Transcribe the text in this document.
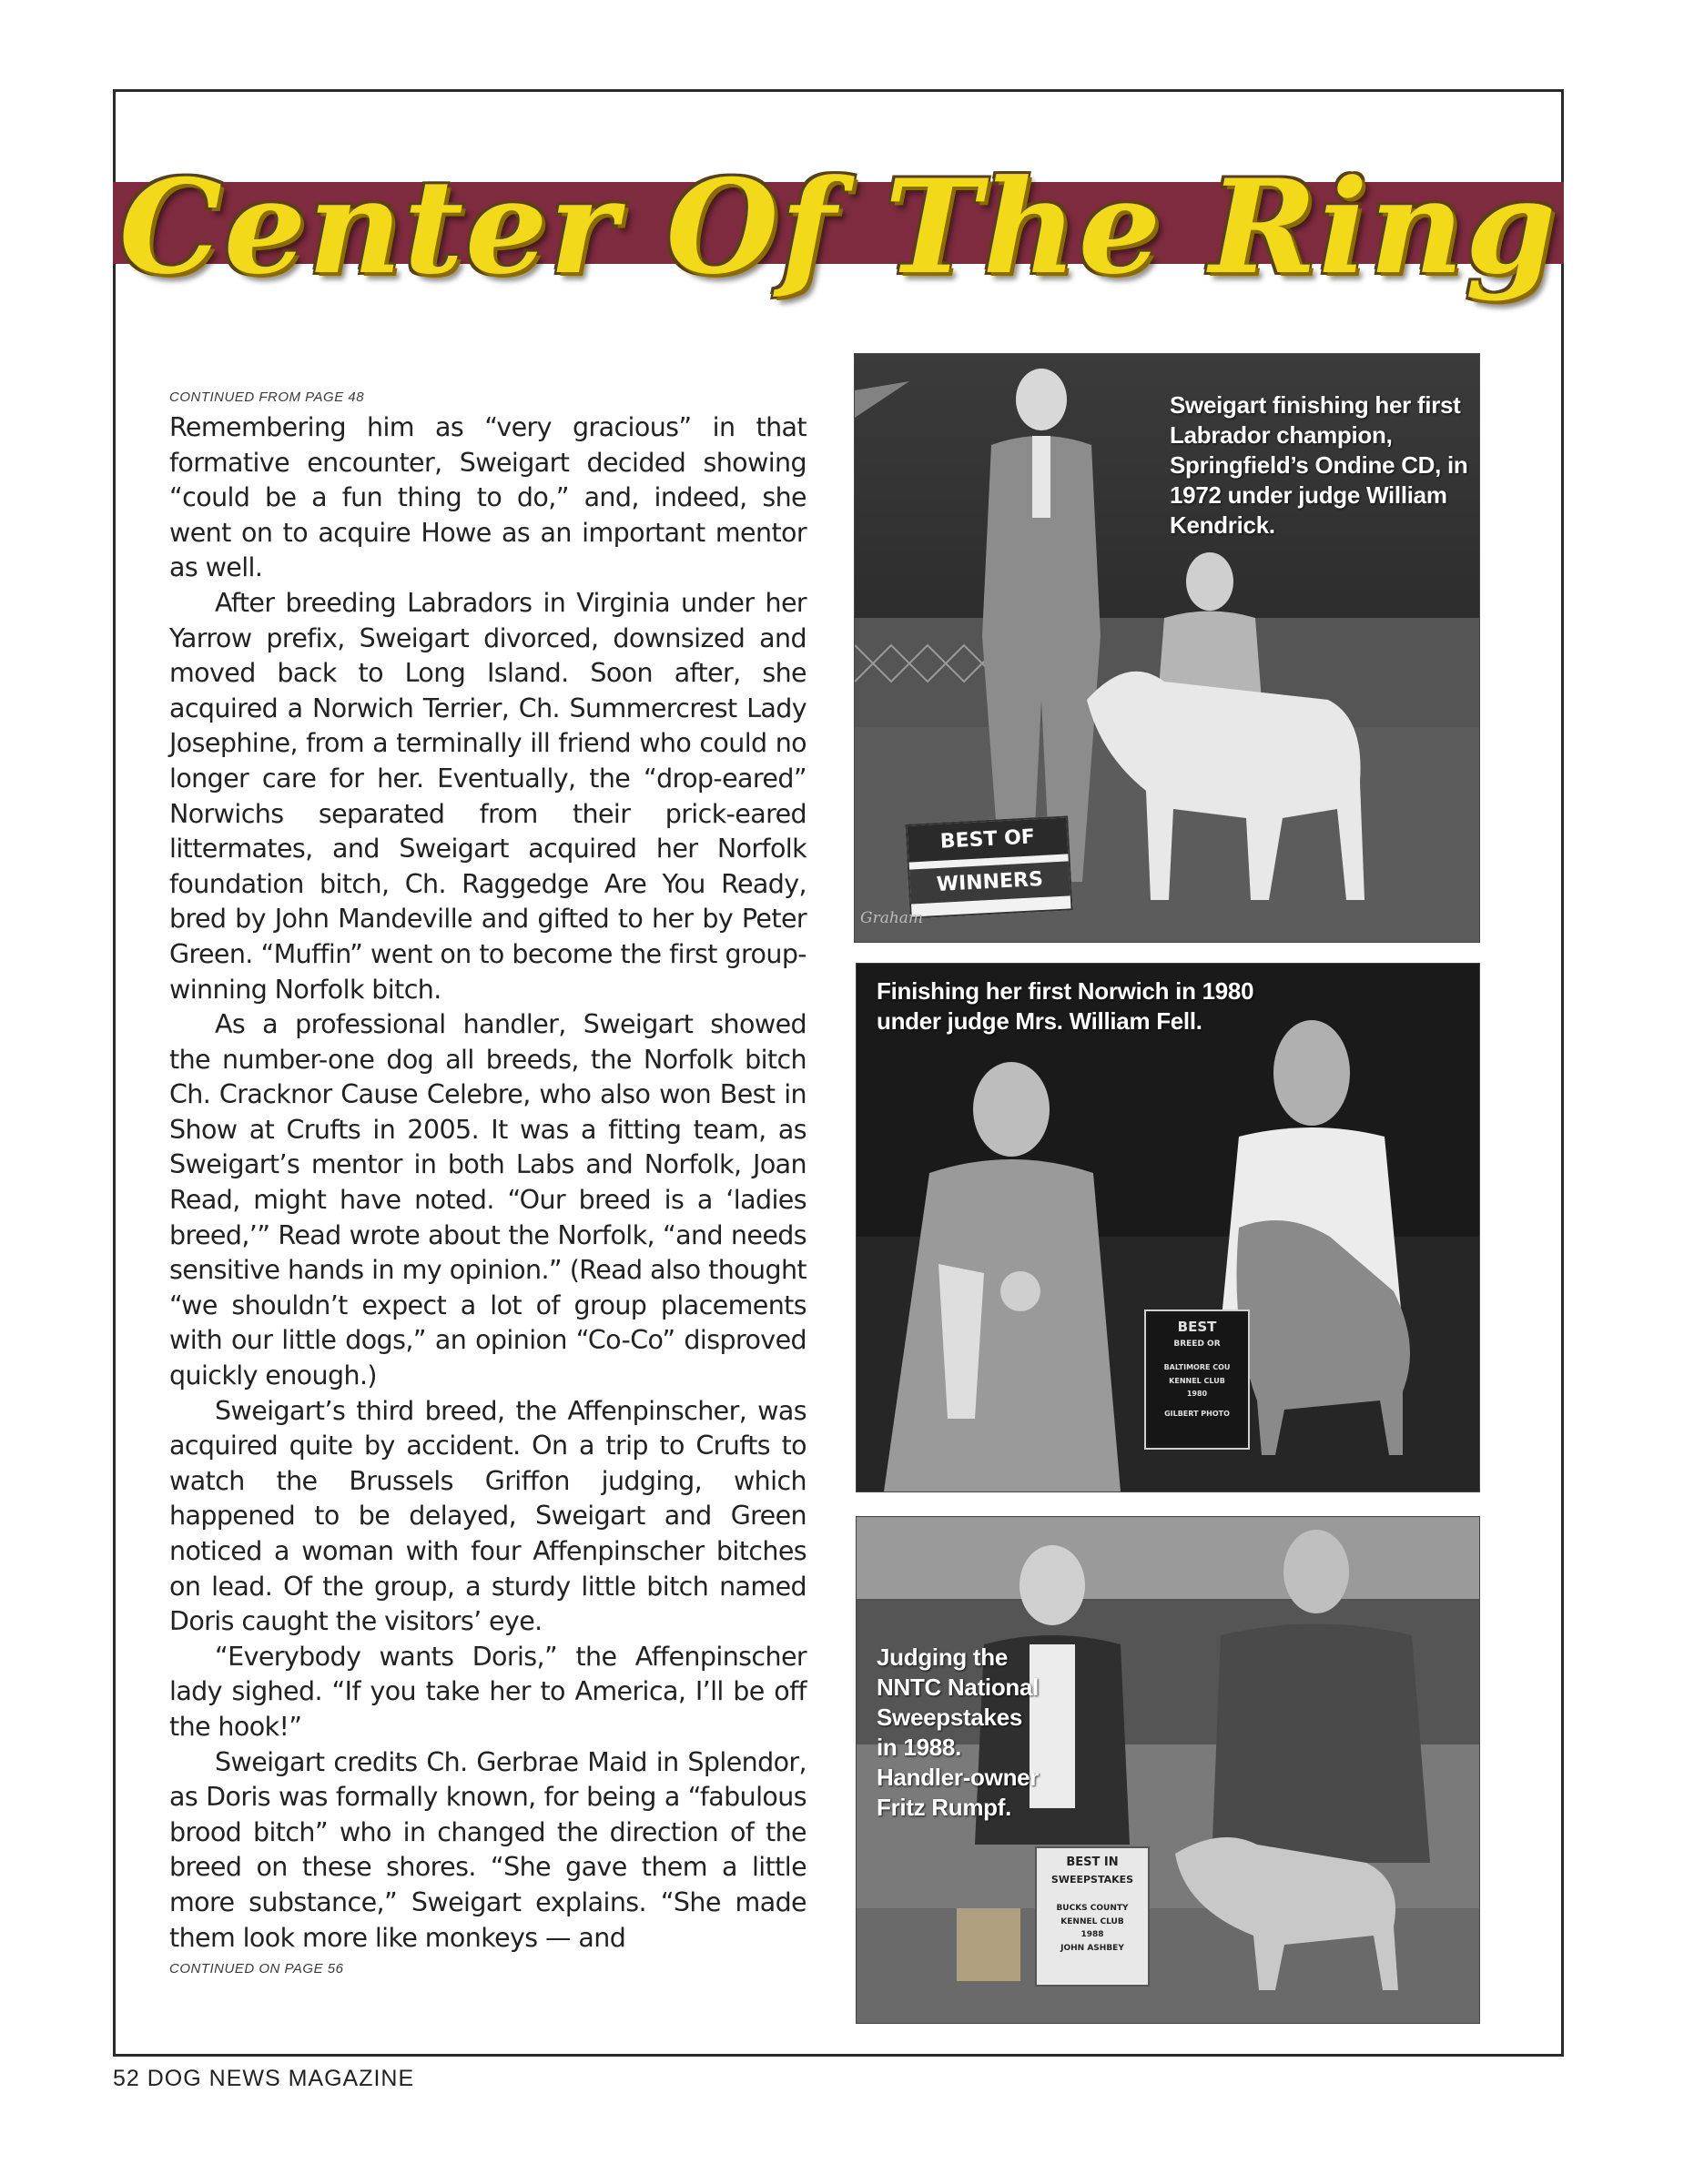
Center Of The Ring
CONTINUED FROM PAGE 48

Remembering him as “very gracious” in that formative encounter, Sweigart decided showing “could be a fun thing to do,” and, indeed, she went on to acquire Howe as an important mentor as well.

After breeding Labradors in Virginia under her Yarrow prefix, Sweigart divorced, downsized and moved back to Long Island. Soon after, she acquired a Norwich Terrier, Ch. Summercrest Lady Josephine, from a terminally ill friend who could no longer care for her. Eventually, the “drop-eared” Norwichs separated from their prick-eared littermates, and Sweigart acquired her Norfolk foundation bitch, Ch. Raggedge Are You Ready, bred by John Mandeville and gifted to her by Peter Green. “Muffin” went on to become the first group-winning Norfolk bitch.

As a professional handler, Sweigart showed the number-one dog all breeds, the Norfolk bitch Ch. Cracknor Cause Celebre, who also won Best in Show at Crufts in 2005. It was a fitting team, as Sweigart’s mentor in both Labs and Norfolk, Joan Read, might have noted. “Our breed is a ‘ladies breed,’” Read wrote about the Norfolk, “and needs sensitive hands in my opinion.” (Read also thought “we shouldn’t expect a lot of group placements with our little dogs,” an opinion “Co-Co” disproved quickly enough.)

Sweigart’s third breed, the Affenpinscher, was acquired quite by accident. On a trip to Crufts to watch the Brussels Griffon judging, which happened to be delayed, Sweigart and Green noticed a woman with four Affenpinscher bitches on lead. Of the group, a sturdy little bitch named Doris caught the visitors’ eye.

“Everybody wants Doris,” the Affenpinscher lady sighed. “If you take her to America, I’ll be off the hook!”

Sweigart credits Ch. Gerbrae Maid in Splendor, as Doris was formally known, for being a “fabulous brood bitch” who in changed the direction of the breed on these shores. “She gave them a little more substance,” Sweigart explains. “She made them look more like monkeys — and

CONTINUED ON PAGE 56
BEST OF
WINNERS
Graham
Sweigart finishing her first Labrador champion, Springfield’s Ondine CD, in 1972 under judge William Kendrick.
BEST
BREED OR
BALTIMORE COU
KENNEL CLUB
1980
GILBERT PHOTO
Finishing her first Norwich in 1980 under judge Mrs. William Fell.
BEST IN
SWEEPSTAKES
BUCKS COUNTY
KENNEL CLUB
1988
JOHN ASHBEY
Judging the NNTC National Sweepstakes in 1988. Handler-owner Fritz Rumpf.
52 DOG NEWS MAGAZINE
